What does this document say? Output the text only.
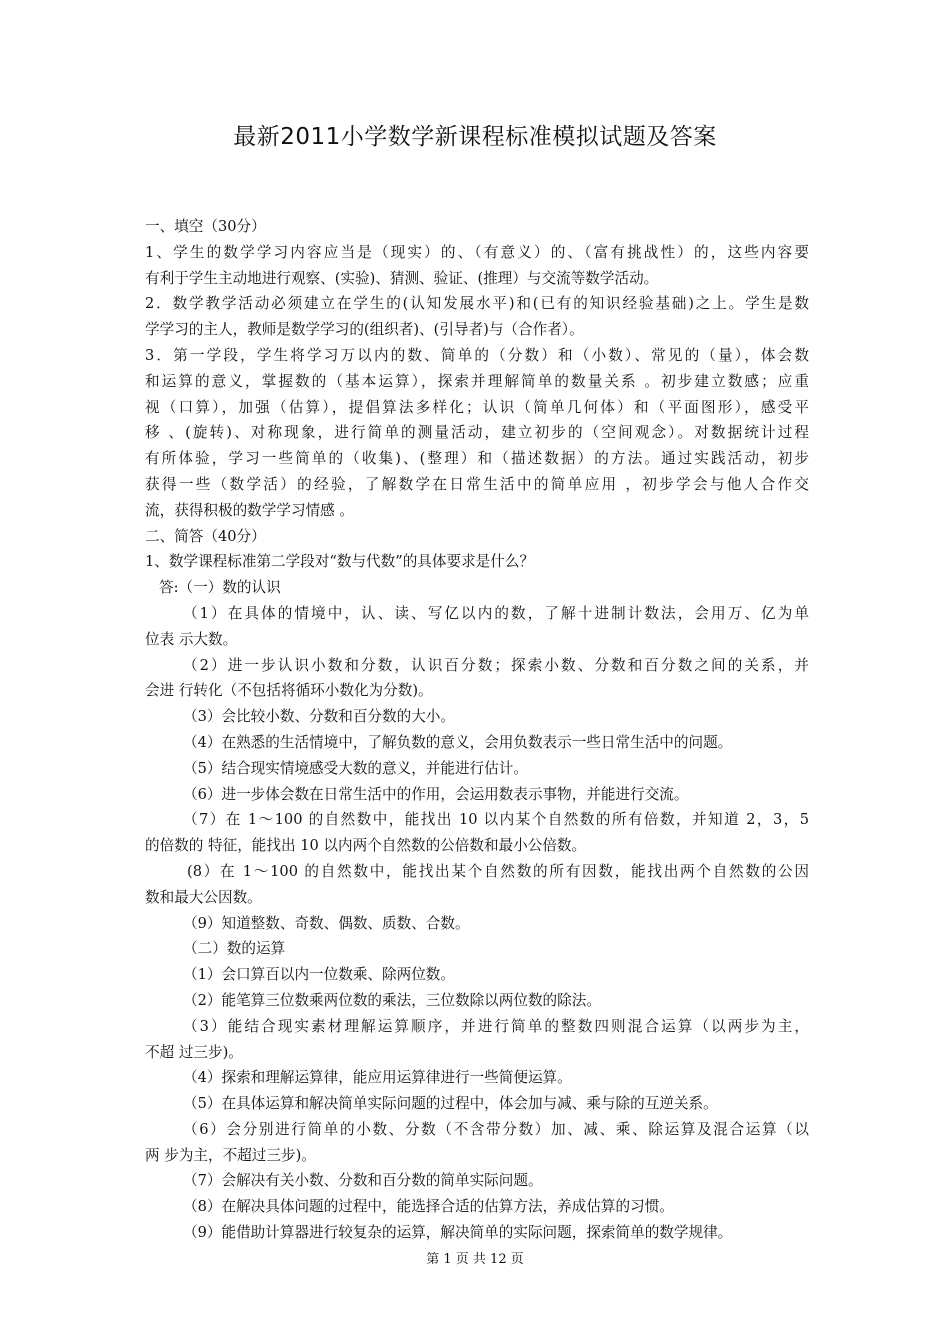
最新2011小学数学新课程标准模拟试题及答案
一、填空（30分）
1、学生的数学学习内容应当是（现实）的、（有意义）的、（富有挑战性）的，这些内容要
有利于学生主动地进行观察、(实验)、猜测、验证、(推理）与交流等数学活动。
2．数学教学活动必须建立在学生的(认知发展水平)和(已有的知识经验基础)之上。学生是数
学学习的主人，教师是数学学习的(组织者)、(引导者)与（合作者）。
3．第一学段，学生将学习万以内的数、简单的（分数）和（小数）、常见的（量），体会数
和运算的意义，掌握数的（基本运算），探索并理解简单的数量关系 。初步建立数感；应重
视（口算），加强（估算），提倡算法多样化；认识（简单几何体）和（平面图形），感受平
移 、(旋转)、对称现象，进行简单的测量活动，建立初步的（空间观念）。对数据统计过程
有所体验，学习一些简单的（收集)、(整理）和（描述数据）的方法。通过实践活动，初步
获得一些（数学活）的经验，了解数学在日常生活中的简单应用 ，初步学会与他人合作交
流，获得积极的数学学习情感 。
二、简答（40分）
1、数学课程标准第二学段对“数与代数”的具体要求是什么？
答:（一）数的认识
（1）在具体的情境中，认、读、写亿以内的数，了解十进制计数法，会用万、亿为单
位表 示大数。
（2）进一步认识小数和分数，认识百分数；探索小数、分数和百分数之间的关系，并
会进 行转化（不包括将循环小数化为分数)。
（3）会比较小数、分数和百分数的大小。
（4）在熟悉的生活情境中，了解负数的意义，会用负数表示一些日常生活中的问题。
（5）结合现实情境感受大数的意义，并能进行估计。
（6）进一步体会数在日常生活中的作用，会运用数表示事物，并能进行交流。
（7）在 1～100 的自然数中，能找出 10 以内某个自然数的所有倍数，并知道 2，3，5
的倍数的 特征，能找出 10 以内两个自然数的公倍数和最小公倍数。
(8）在 1～100 的自然数中，能找出某个自然数的所有因数，能找出两个自然数的公因
数和最大公因数。
（9）知道整数、奇数、偶数、质数、合数。
（二）数的运算
（1）会口算百以内一位数乘、除两位数。
（2）能笔算三位数乘两位数的乘法，三位数除以两位数的除法。
（3）能结合现实素材理解运算顺序，并进行简单的整数四则混合运算（以两步为主，
不超 过三步)。
（4）探索和理解运算律，能应用运算律进行一些简便运算。
（5）在具体运算和解决简单实际问题的过程中，体会加与减、乘与除的互逆关系。
（6）会分别进行简单的小数、分数（不含带分数）加、减、乘、除运算及混合运算（以
两 步为主，不超过三步)。
（7）会解决有关小数、分数和百分数的简单实际问题。
（8）在解决具体问题的过程中，能选择合适的估算方法，养成估算的习惯。
（9）能借助计算器进行较复杂的运算，解决简单的实际问题，探索简单的数学规律。
第 1 页 共 12 页
